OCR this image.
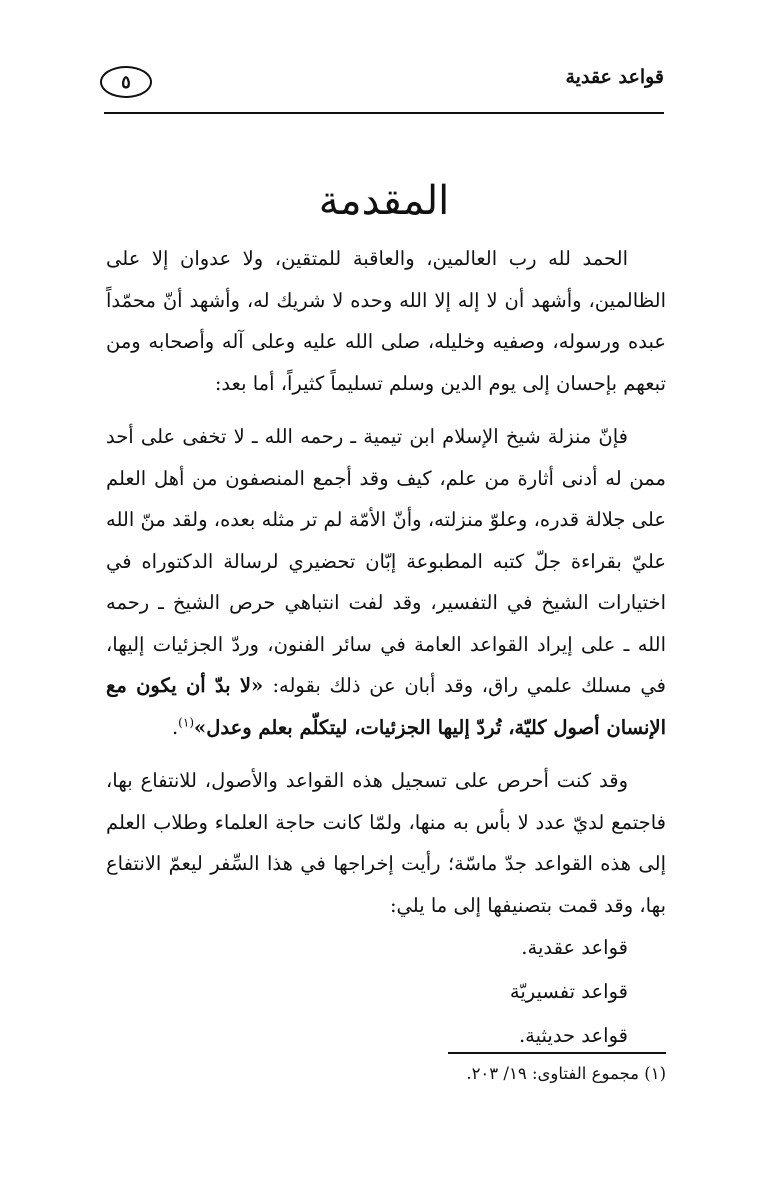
قواعد عقدية
٥
المقدمة

الحمد لله رب العالمين، والعاقبة للمتقين، ولا عدوان إلا على الظالمين، وأشهد أن لا إله إلا الله وحده لا شريك له، وأشهد أنّ محمّداً عبده ورسوله، وصفيه وخليله، صلى الله عليه وعلى آله وأصحابه ومن تبعهم بإحسان إلى يوم الدين وسلم تسليماً كثيراً، أما بعد:

فإنّ منزلة شيخ الإسلام ابن تيمية ـ رحمه الله ـ لا تخفى على أحد ممن له أدنى أثارة من علم، كيف وقد أجمع المنصفون من أهل العلم على جلالة قدره، وعلوّ منزلته، وأنّ الأمّة لم تر مثله بعده، ولقد منّ الله عليّ بقراءة جلّ كتبه المطبوعة إبّان تحضيري لرسالة الدكتوراه في اختيارات الشيخ في التفسير، وقد لفت انتباهي حرص الشيخ ـ رحمه الله ـ على إيراد القواعد العامة في سائر الفنون، وردّ الجزئيات إليها، في مسلك علمي راق، وقد أبان عن ذلك بقوله: «لا بدّ أن يكون مع الإنسان أصول كليّة، تُردّ إليها الجزئيات، ليتكلّم بعلم وعدل»$^{(١)}$.

وقد كنت أحرص على تسجيل هذه القواعد والأصول، للانتفاع بها، فاجتمع لديّ عدد لا بأس به منها، ولمّا كانت حاجة العلماء وطلاب العلم إلى هذه القواعد جدّ ماسّة؛ رأيت إخراجها في هذا السِّفر ليعمّ الانتفاع بها، وقد قمت بتصنيفها إلى ما يلي:

قواعد عقدية.
قواعد تفسيريّة
قواعد حديثية.
(١) مجموع الفتاوى: ١٩/ ٢٠٣.
